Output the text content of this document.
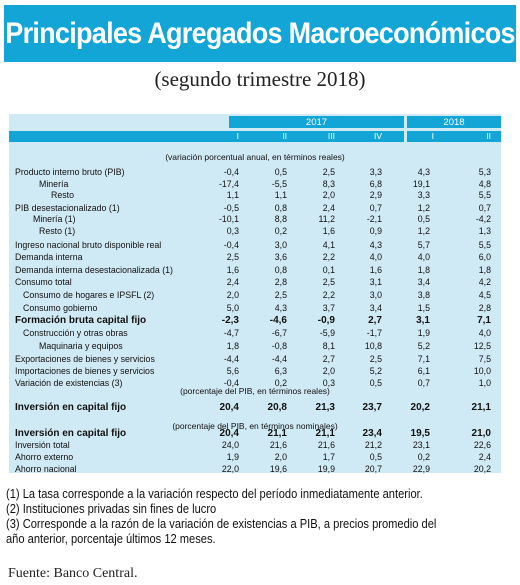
Principales Agregados Macroeconómicos
(segundo trimestre 2018)
2017	2018
I	II	III	IV	I	II
(variación porcentual anual, en términos reales)
(porcentaje del PIB, en términos reales)
(porcentaje del PIB, en términos nominales)
Producto interno bruto (PIB)	-0,4	0,5	2,5	3,3	4,3	5,3
Minería	-17,4	-5,5	8,3	6,8	19,1	4,8
Resto	1,1	1,1	2,0	2,9	3,3	5,5
PIB desestacionalizado (1)	-0,5	0,8	2,4	0,7	1,2	0,7
Minería (1)	-10,1	8,8	11,2	-2,1	0,5	-4,2
Resto (1)	0,3	0,2	1,6	0,9	1,2	1,3
Ingreso nacional bruto disponible real	-0,4	3,0	4,1	4,3	5,7	5,5
Demanda interna	2,5	3,6	2,2	4,0	4,0	6,0
Demanda interna desestacionalizada (1)	1,6	0,8	0,1	1,6	1,8	1,8
Consumo total	2,4	2,8	2,5	3,1	3,4	4,2
Consumo de hogares e IPSFL (2)	2,0	2,5	2,2	3,0	3,8	4,5
Consumo gobierno	5,0	4,3	3,7	3,4	1,5	2,8
Formación bruta capital fijo	-2,3	-4,6	-0,9	2,7	3,1	7,1
Construcción y otras obras	-4,7	-6,7	-5,9	-1,7	1,9	4,0
Maquinaria y equipos	1,8	-0,8	8,1	10,8	5,2	12,5
Exportaciones de bienes y servicios	-4,4	-4,4	2,7	2,5	7,1	7,5
Importaciones de bienes y servicios	5,6	6,3	2,0	5,2	6,1	10,0
Variación de existencias (3)	-0,4	0,2	0,3	0,5	0,7	1,0
Inversión en capital fijo	20,4	20,8	21,3	23,7	20,2	21,1
Inversión en capital fijo	20,4	21,1	21,1	23,4	19,5	21,0
Inversión total	24,0	21,6	21,6	21,2	23,1	22,6
Ahorro externo	1,9	2,0	1,7	0,5	0,2	2,4
Ahorro nacional	22,0	19,6	19,9	20,7	22,9	20,2
(1) La tasa corresponde a la variación respecto del período inmediatamente anterior.
(2) Instituciones privadas sin fines de lucro
(3) Corresponde a la razón de la variación de existencias a PIB, a precios promedio del
año anterior, porcentaje últimos 12 meses.
Fuente: Banco Central.
